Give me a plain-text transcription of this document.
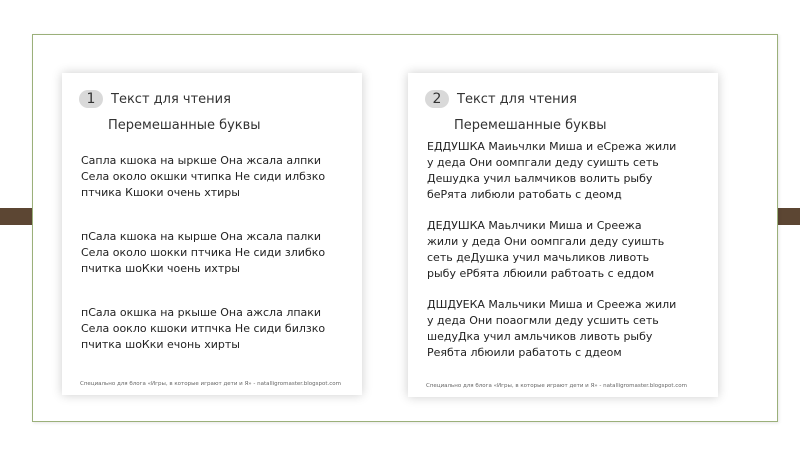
1	Текст для чтения
Перемешанные буквы
Сапла кшока на ыркше Она жсала алпки
Села около окшки чтипка Не сиди илбзко
птчика Кшоки очень хтиры
пСала кшока на кырше Она жсала палки
Села около шокки птчика Не сиди злибко
пчитка шоКки чоень ихтры
пСала окшка на ркыше Она ажсла лпаки
Села оокло кшоки итпчка Не сиди билзко
пчитка шоКки ечонь хирты
Специально для блога «Игры, в которые играют дети и Я» - natalligromaster.blogspot.com
2	Текст для чтения
Перемешанные буквы
ЕДДУШКА Маиьчлки Миша и еСрежа жили
у деда Они оомпгали деду суишть сеть
Дешудка учил ьалмчиков волить рыбу
беРята либюли ратобать с деомд
ДЕДУШКА Маьлчики Миша и Среежа
жили у деда Они оомпгали деду суишть
сеть деДушка учил мачьликов ливоть
рыбу еРбята лбюили рабтоать с еддом
ДШДУЕКА Мальчики Миша и Среежа жили
у деда Они поаогмли деду усшить сеть
шедуДка учил амльчиков ливоть рыбу
Реябта лбюили рабатоть с ддеом
Специально для блога «Игры, в которые играют дети и Я» - natalligromaster.blogspot.com
